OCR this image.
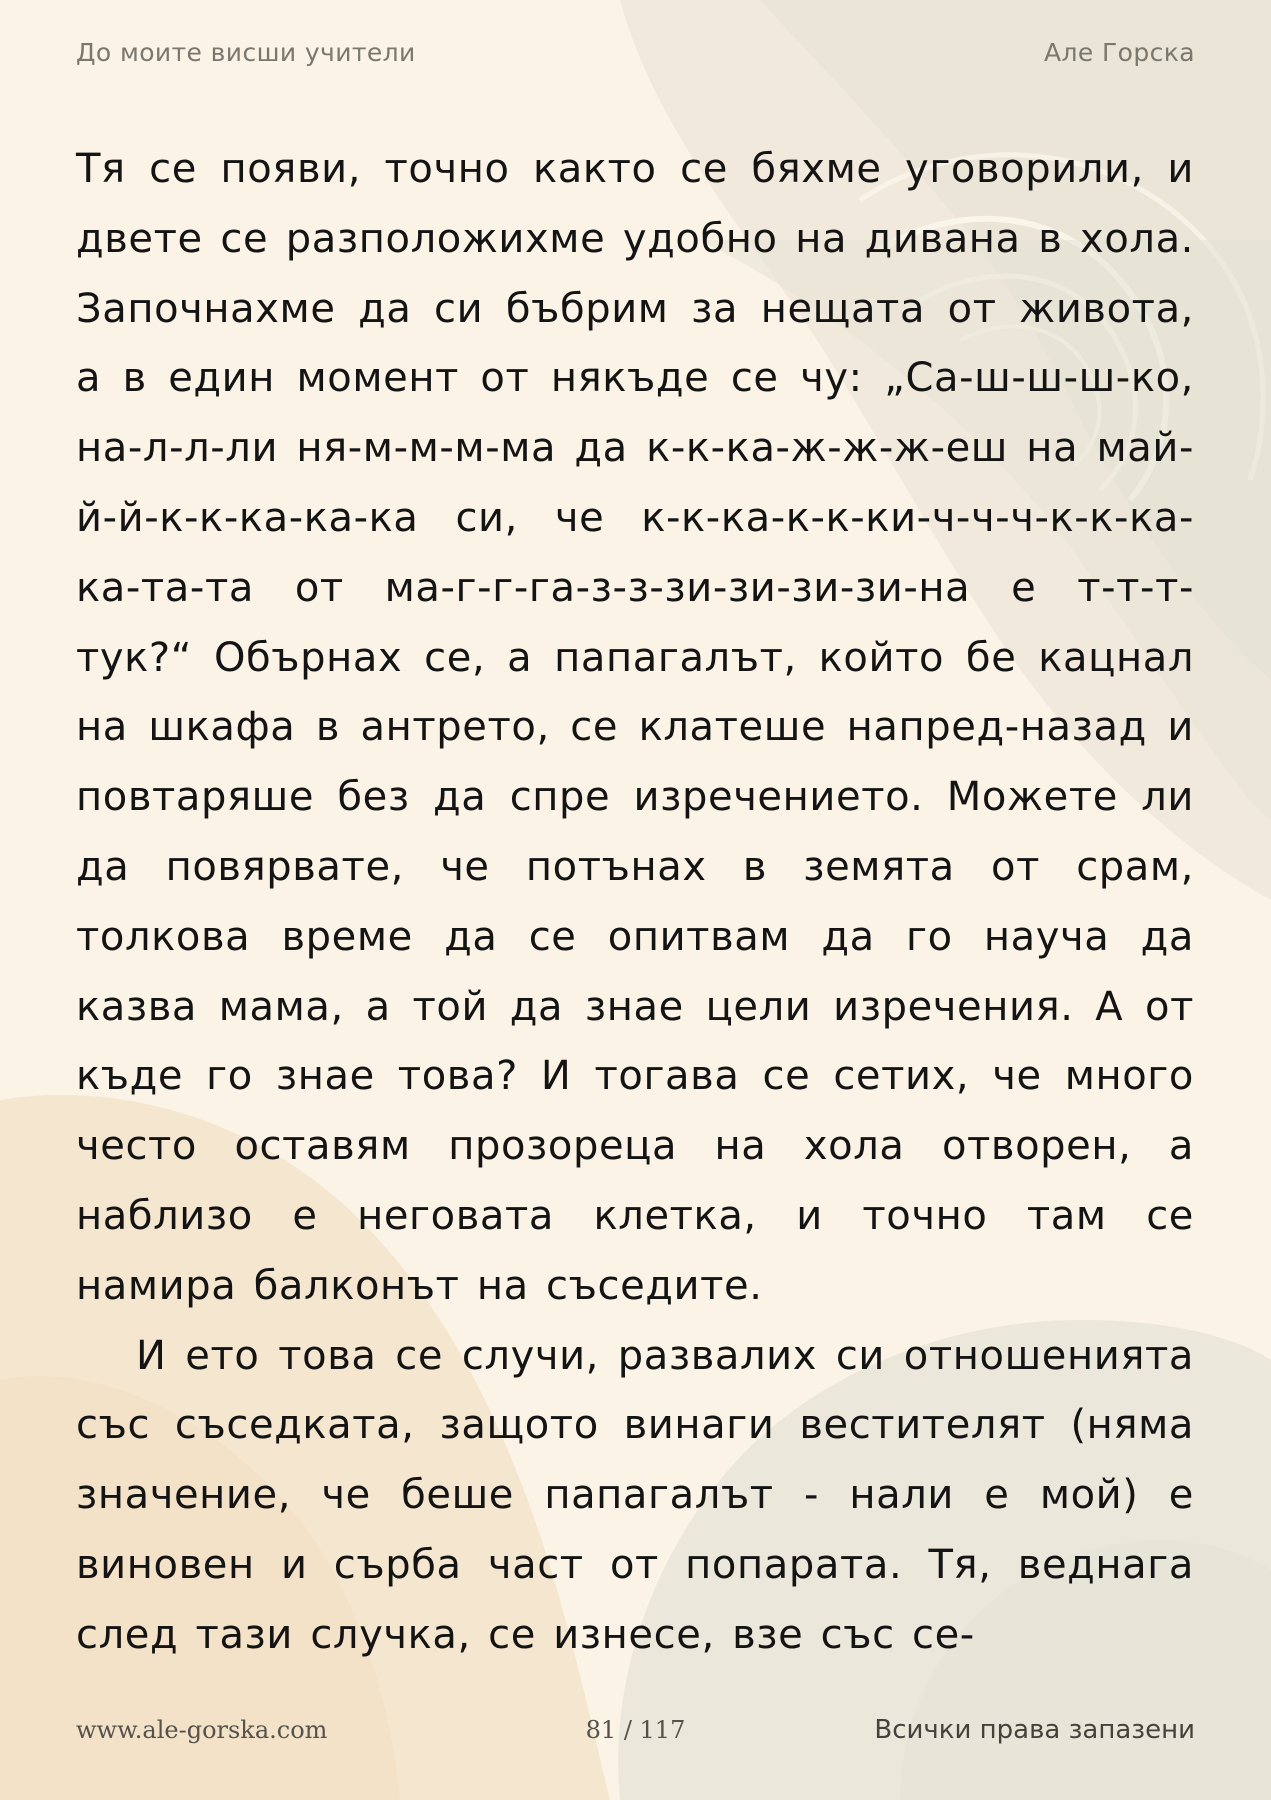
До моите висши учители	Але Горска

Тя се появи, точно както се бяхме уговорили, и двете се разположихме удобно на дивана в хола. Започнахме да си бъбрим за нещата от живота, а в един момент от някъде се чу: „Са-ш-ш-ш-ко, на-л-л-ли ня-м-м-м-ма да к-к-ка-ж-ж-ж-еш на май-й-й-к-к-ка-ка-ка си, че к-к-ка-к-к-ки-ч-ч-ч-к-к-ка-ка-та-та от ма-г-г-га-з-з-зи-зи-зи-зи-на е т-т-т-тук?“ Обърнах се, а папагалът, който бе кацнал на шкафа в антрето, се клатеше напред-назад и повтаряше без да спре изречението. Можете ли да повярвате, че потънах в земята от срам, толкова време да се опитвам да го науча да казва мама, а той да знае цели изречения. А от къде го знае това? И тогава се сетих, че много често оставям прозореца на хола отворен, а наблизо е неговата клетка, и точно там се намира балконът на съседите.

И ето това се случи, развалих си отношенията със съседката, защото винаги вестителят (няма значение, че беше папагалът - нали е мой) е виновен и сърба част от попарата. Тя, веднага след тази случка, се изнесе, взе със се-

www.ale-gorska.com	81 / 117	Всички права запазени
